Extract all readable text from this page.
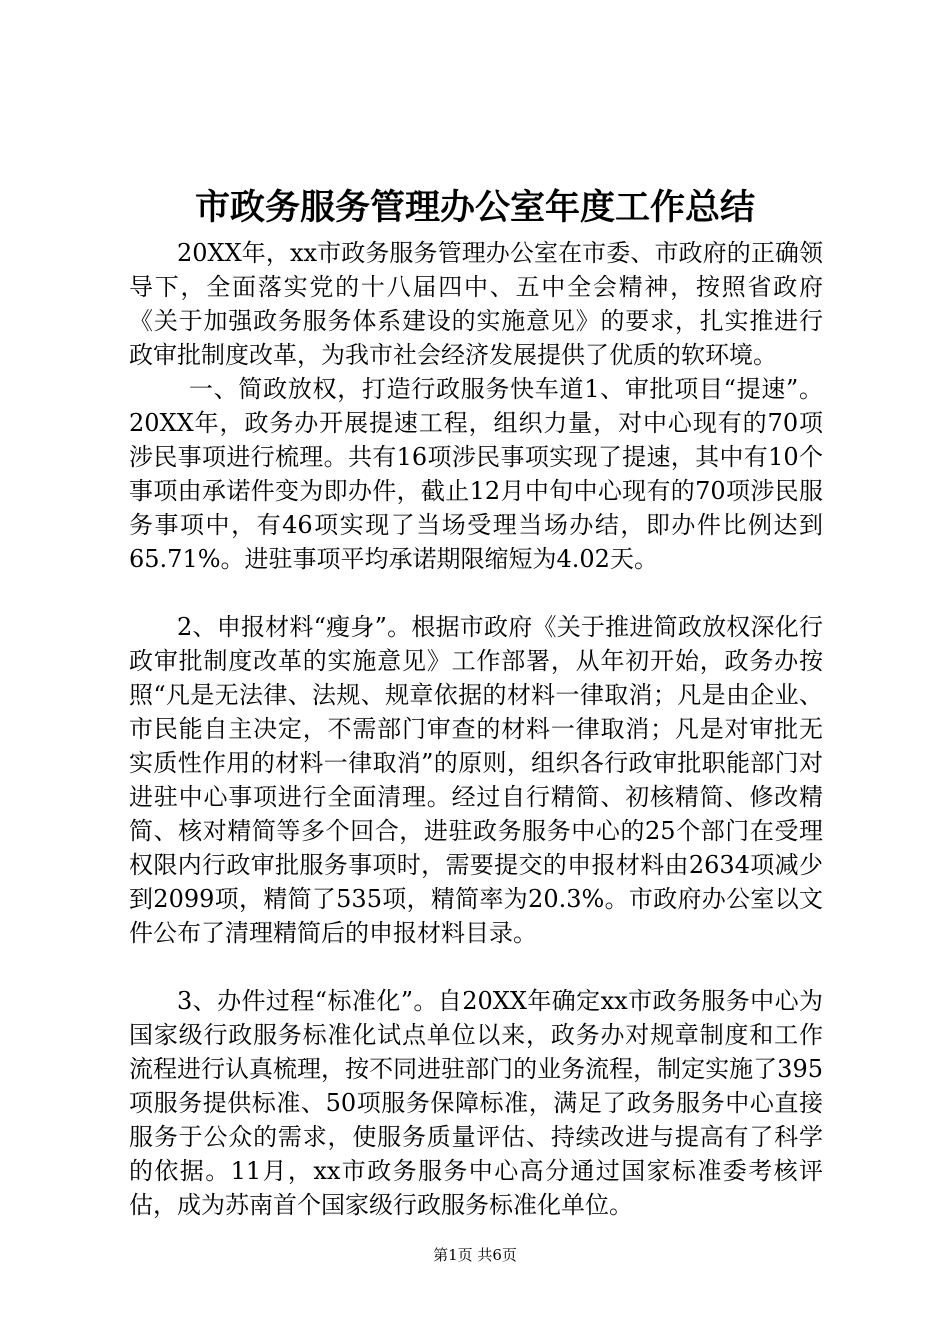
市政务服务管理办公室年度工作总结

20XX年，xx市政务服务管理办公室在市委、市政府的正确领导下，全面落实党的十八届四中、五中全会精神，按照省政府《关于加强政务服务体系建设的实施意见》的要求，扎实推进行政审批制度改革，为我市社会经济发展提供了优质的软环境。

一、简政放权，打造行政服务快车道1、审批项目“提速”。20XX年，政务办开展提速工程，组织力量，对中心现有的70项涉民事项进行梳理。共有16项涉民事项实现了提速，其中有10个事项由承诺件变为即办件，截止12月中旬中心现有的70项涉民服务事项中，有46项实现了当场受理当场办结，即办件比例达到65.71%。进驻事项平均承诺期限缩短为4.02天。

2、申报材料“瘦身”。根据市政府《关于推进简政放权深化行政审批制度改革的实施意见》工作部署，从年初开始，政务办按照“凡是无法律、法规、规章依据的材料一律取消；凡是由企业、市民能自主决定，不需部门审查的材料一律取消；凡是对审批无实质性作用的材料一律取消”的原则，组织各行政审批职能部门对进驻中心事项进行全面清理。经过自行精简、初核精简、修改精简、核对精简等多个回合，进驻政务服务中心的25个部门在受理权限内行政审批服务事项时，需要提交的申报材料由2634项减少到2099项，精简了535项，精简率为20.3%。市政府办公室以文件公布了清理精简后的申报材料目录。

3、办件过程“标准化”。自20XX年确定xx市政务服务中心为国家级行政服务标准化试点单位以来，政务办对规章制度和工作流程进行认真梳理，按不同进驻部门的业务流程，制定实施了395项服务提供标准、50项服务保障标准，满足了政务服务中心直接服务于公众的需求，使服务质量评估、持续改进与提高有了科学的依据。11月，xx市政务服务中心高分通过国家标准委考核评估，成为苏南首个国家级行政服务标准化单位。

第1页 共6页
